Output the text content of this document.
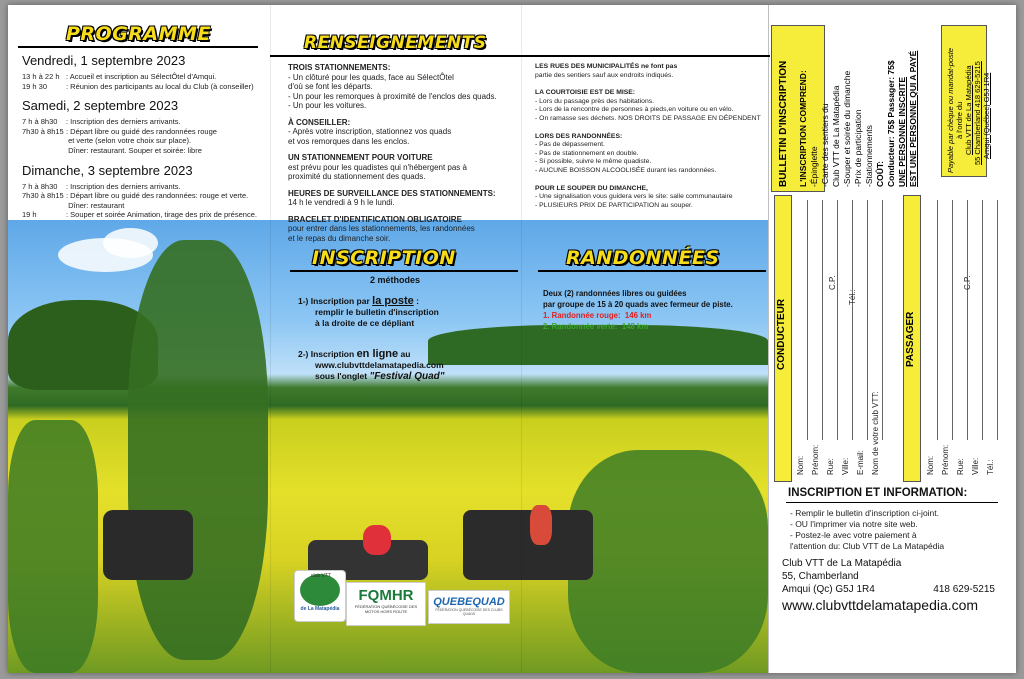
PROGRAMME
Vendredi, 1 septembre 2023
13 h à 22 h : Accueil et inscription au SélectÔtel d'Amqui.
19 h 30	: Réunion des participants au local du Club (à conseiller)
Samedi, 2 septembre 2023
7 h à 8h30 : Inscription des derniers arrivants.
7h30 à 8h15 : Départ libre ou guidé des randonnées rouge
et verte (selon votre choix sur place).
Dîner: restaurant. Souper et soirée: libre
Dimanche, 3 septembre 2023
7 h à 8h30 : Inscription des derniers arrivants.
7h30 à 8h15 : Départ libre ou guidé des randonnées: rouge et verte.
Dîner: restaurant
19 h	: Souper et soirée Animation, tirage des prix de présence.
RENSEIGNEMENTS
TROIS STATIONNEMENTS:
- Un clôturé pour les quads, face au SélectÔtel
d'où se font les départs.
- Un pour les remorques à proximité de l'enclos des quads.
- Un pour les voitures.
À CONSEILLER:
- Après votre inscription, stationnez vos quads
et vos remorques dans les enclos.
UN STATIONNEMENT POUR VOITURE
est prévu pour les quadistes qui n'hébergent pas à
proximité du stationnement des quads.
HEURES DE SURVEILLANCE DES STATIONNEMENTS:
14 h le vendredi à 9 h le lundi.
BRACELET D'IDENTIFICATION OBLIGATOIRE
pour entrer dans les stationnements, les randonnées
et le repas du dimanche soir.
LES RUES DES MUNICIPALITÉS ne font pas
partie des sentiers sauf aux endroits indiqués.
LA COURTOISIE EST DE MISE:
- Lors du passage près des habitations.
- Lors de la rencontre de personnes à pieds,en voiture ou en vélo.
- On ramasse ses déchets. NOS DROITS DE PASSAGE EN DÉPENDENT
LORS DES RANDONNÉES:
- Pas de dépassement.
- Pas de stationnement en double.
- Si possible, suivre le même quadiste.
- AUCUNE BOISSON ALCOOLISÉE durant les randonnées.
POUR LE SOUPER DU DIMANCHE,
- Une signalisation vous guidera vers le site: salle communautaire
- PLUSIEURS PRIX DE PARTICIPATION au souper.
INSCRIPTION
2 méthodes
1-) Inscription par la poste :
remplir le bulletin d'inscription
à la droite de ce dépliant
2-) Inscription en ligne au
www.clubvttdelamatapedia.com
sous l'onglet "Festival Quad"
RANDONNÉES
Deux (2) randonnées libres ou guidées
par groupe de 15 à 20 quads avec fermeur de piste.
1. Randonnée rouge: 146 km
2. Randonnée verte: 148 km
club VTT
de La Matapédia
FQMHR
FÉDÉRATION QUÉBÉCOISE DES MOTOS HORS ROUTE
QUEBEQUAD
FÉDÉRATION QUÉBÉCOISE DES CLUBS QUADS
BULLETIN D'INSCRIPTION L'INSCRIPTION COMPREND: -Épinglette -Carte des sentiers du Club VTT de La Matapédia -Souper et soirée du dimanche -Prix de participation -Stationnements COÛT: Conducteur: 75$ Passager: 75$ UNE PERSONNE INSCRITE EST UNE PERSONNE QUI A PAYÉ	Payable par chèque ou mandat-poste à l'ordre du Club VTT de La Matapédia 55 Chamberland 418 629-5215 Amqui (Québec) G5J 1R4
CONDUCTEUR	PASSAGER
Nom: Prénom: Rue: Ville: E-mail: Nom de votre club VTT:
C.P.
Tél.:
Nom: Prénom: Rue: Ville: Tél.:
C.P.
INSCRIPTION ET INFORMATION:
- Remplir le bulletin d'inscription ci-joint.
- OU l'imprimer via notre site web.
- Postez-le avec votre paiement à
l'attention du: Club VTT de La Matapédia
Club VTT de La Matapédia
55, Chamberland
Amqui (Qc) G5J 1R4	418 629-5215
www.clubvttdelamatapedia.com
